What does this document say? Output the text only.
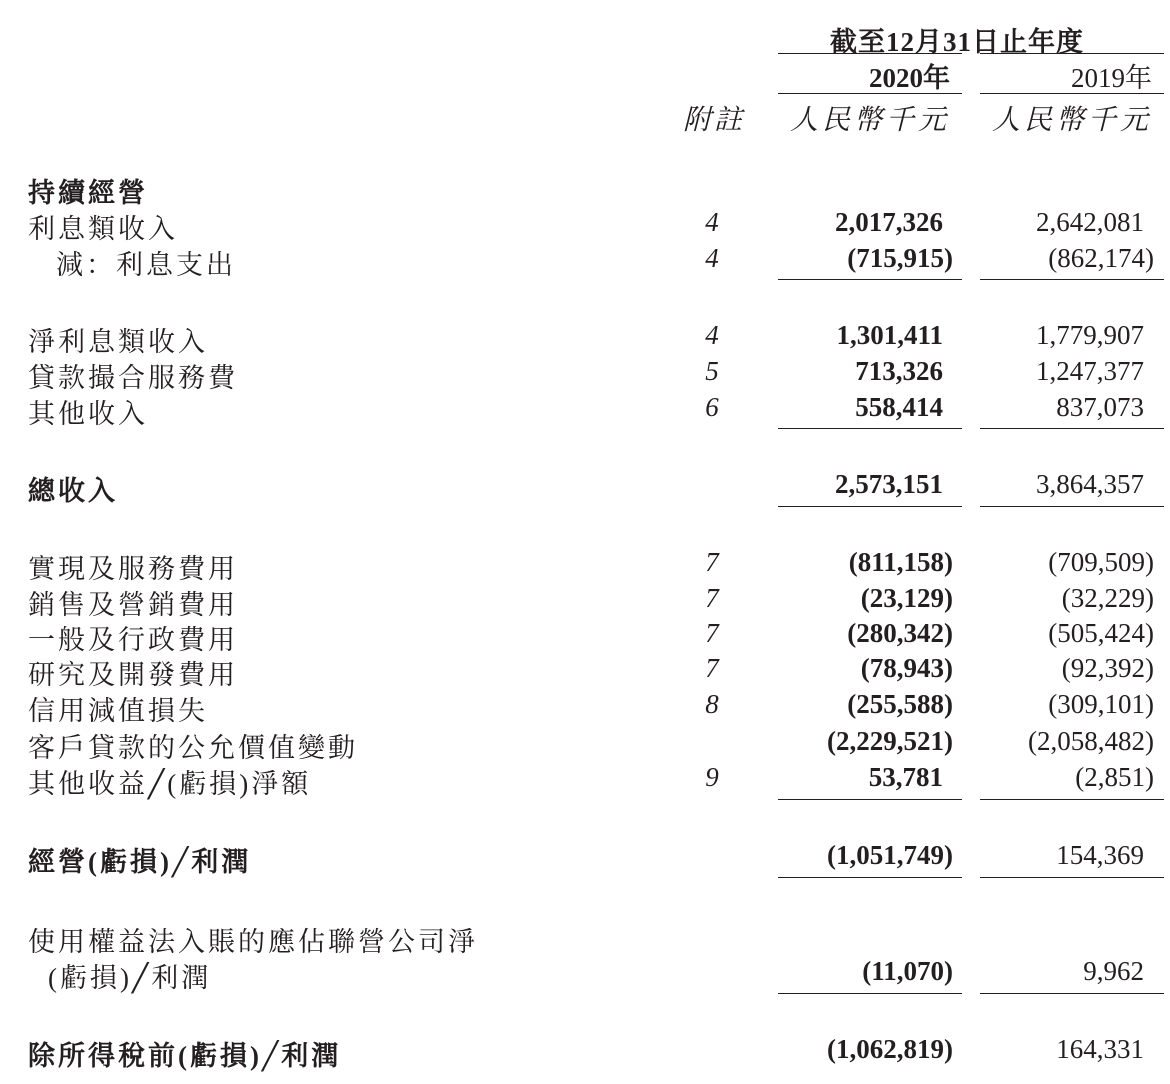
截至12月31日止年度
2020年	2019年
附註	人民幣千元	人民幣千元
持續經營
利息類收入	4	2,017,326	2,642,081
減：利息支出	4	(715,915)	(862,174)
淨利息類收入	4	1,301,411	1,779,907
貸款撮合服務費	5	713,326	1,247,377
其他收入	6	558,414	837,073
總收入	2,573,151	3,864,357
實現及服務費用	7	(811,158)	(709,509)
銷售及營銷費用	7	(23,129)	(32,229)
一般及行政費用	7	(280,342)	(505,424)
研究及開發費用	7	(78,943)	(92,392)
信用減值損失	8	(255,588)	(309,101)
客戶貸款的公允價值變動	(2,229,521)	(2,058,482)
其他收益╱(虧損)淨額	9	53,781	(2,851)
經營(虧損)╱利潤	(1,051,749)	154,369
使用權益法入賬的應佔聯營公司淨
(虧損)╱利潤	(11,070)	9,962
除所得稅前(虧損)╱利潤	(1,062,819)	164,331
